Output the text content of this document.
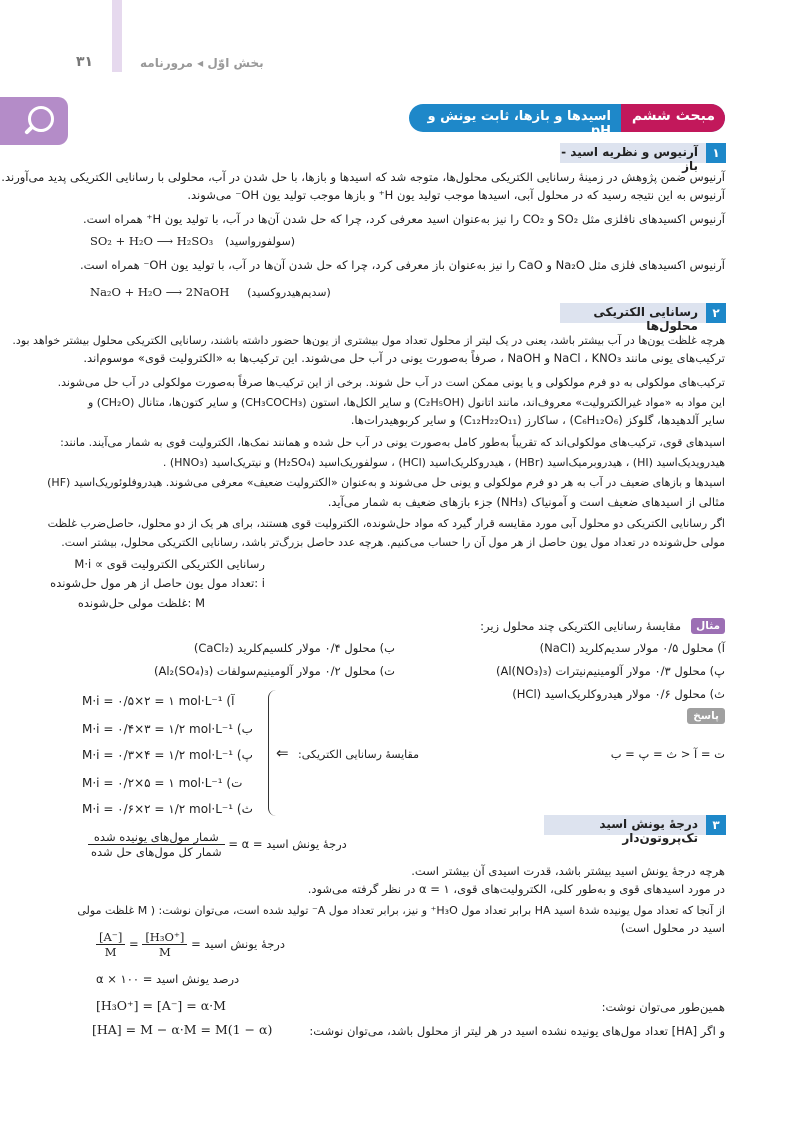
۳۱	بخش اوّل ◂ مرورنامه
مبحث ششم
اسیدها و بازها، ثابت یونش و pH
۱
آرنیوس و نظریه اسید - باز
آرنیوس ضمن پژوهش در زمینهٔ رسانایی الکتریکی محلول‌ها، متوجه شد که اسیدها و بازها، با حل شدن در آب، محلولی با رسانایی الکتریکی پدید می‌آورند.
آرنیوس به این نتیجه رسید که در محلول آبی، اسیدها موجب تولید یون H⁺ و بازها موجب تولید یون OH⁻ می‌شوند.
آرنیوس اکسیدهای نافلزی مثل SO₂ و CO₂ را نیز به‌عنوان اسید معرفی کرد، چرا که حل شدن آن‌ها در آب، با تولید یون H⁺ همراه است.
SO₂ + H₂O ⟶ H₂SO₃ (سولفورو‌اسید)
آرنیوس اکسیدهای فلزی مثل Na₂O و CaO را نیز به‌عنوان باز معرفی کرد، چرا که حل شدن آن‌ها در آب، با تولید یون OH⁻ همراه است.
Na₂O + H₂O ⟶ 2NaOH (سدیم‌هیدروکسید)
۲
رسانایی الکتریکی محلول‌ها
هرچه غلظت یون‌ها در آب بیشتر باشد، یعنی در یک لیتر از محلول تعداد مول بیشتری از یون‌ها حضور داشته باشند، رسانایی الکتریکی محلول بیشتر خواهد بود.
ترکیب‌های یونی مانند NaCl ، KNO₃ و NaOH ، صرفاً به‌صورت یونی در آب حل می‌شوند. این ترکیب‌ها به «الکترولیت قوی» موسوم‌اند.
ترکیب‌های مولکولی به دو فرم مولکولی و یا یونی ممکن است در آب حل شوند. برخی از این ترکیب‌ها صرفاً به‌صورت مولکولی در آب حل می‌شوند.
این مواد به «مواد غیرالکترولیت» معروف‌اند، مانند اتانول (C₂H₅OH) و سایر الکل‌ها، استون (CH₃COCH₃) و سایر کتون‌ها، متانال (CH₂O) و
سایر آلدهیدها، گلوکز (C₆H₁₂O₆) ، ساکارز (C₁₂H₂₂O₁₁) و سایر کربوهیدرات‌ها.
اسیدهای قوی، ترکیب‌های مولکولی‌اند که تقریباً به‌طور کامل به‌صورت یونی در آب حل شده و همانند نمک‌ها، الکترولیت قوی به شمار می‌آیند. مانند:
هیدرویدیک‌اسید (HI) ، هیدروبرمیک‌اسید (HBr) ، هیدروکلریک‌اسید (HCl) ، سولفوریک‌اسید (H₂SO₄) و نیتریک‌اسید (HNO₃) .
اسیدها و بازهای ضعیف در آب به هر دو فرم مولکولی و یونی حل می‌شوند و به‌عنوان «الکترولیت ضعیف» معرفی می‌شوند. هیدروفلوئوریک‌اسید (HF)
مثالی از اسیدهای ضعیف است و آمونیاک (NH₃) جزء بازهای ضعیف به شمار می‌آید.
اگر رسانایی الکتریکی دو محلول آبی مورد مقایسه قرار گیرد که مواد حل‌شونده، الکترولیت قوی هستند، برای هر یک از دو محلول، حاصل‌ضرب غلظت
مولی حل‌شونده در تعداد مول یون حاصل از هر مول آن را حساب می‌کنیم. هرچه عدد حاصل بزرگ‌تر باشد، رسانایی الکتریکی محلول، بیشتر است.
رسانایی الکتریکی الکترولیت قوی ∝ M·i
i :تعداد مول یون حاصل از هر مول حل‌شونده
M :غلظت مولی حل‌شونده
مثال
مقایسهٔ رسانایی الکتریکی چند محلول زیر:
آ) محلول ۰/۵ مولار سدیم‌کلرید (NaCl)
ب) محلول ۰/۴ مولار کلسیم‌کلرید (CaCl₂)
پ) محلول ۰/۳ مولار آلومینیم‌نیترات (Al(NO₃)₃)
ت) محلول ۰/۲ مولار آلومینیم‌سولفات (Al₂(SO₄)₃)
ث) محلول ۰/۶ مولار هیدروکلریک‌اسید (HCl)
پاسخ
M·i = ۰/۵×۲ = ۱ mol·L⁻¹ (آ
M·i = ۰/۴×۳ = ۱/۲ mol·L⁻¹ (ب
M·i = ۰/۳×۴ = ۱/۲ mol·L⁻¹ (پ
M·i = ۰/۲×۵ = ۱ mol·L⁻¹ (ت
M·i = ۰/۶×۲ = ۱/۲ mol·L⁻¹ (ث
⇐ مقایسهٔ رسانایی الکتریکی:	ت = آ < ث = پ = ب
۳
درجهٔ یونش اسید تک‌پروتون‌دار
درجهٔ یونش اسید = α =
$\frac{\text{شمار مول‌های یونیده شده}}{\text{شمار کل مول‌های حل شده}}$
هرچه درجهٔ یونش اسید بیشتر باشد، قدرت اسیدی آن بیشتر است.
در مورد اسیدهای قوی و به‌طور کلی، الکترولیت‌های قوی، α = ۱ در نظر گرفته می‌شود.
از آنجا که تعداد مول یونیده شدهٔ اسید HA برابر تعداد مول H₃O⁺ و نیز، برابر تعداد مول A⁻ تولید شده است، می‌توان نوشت: ( M غلظت مولی
اسید در محلول است)
درجهٔ یونش اسید =
$\frac{\text{[H₃O⁺]}}{M}$
=
$\frac{[A^-]}{M}$
درصد یونش اسید = ۱۰۰ × α
همین‌طور می‌توان نوشت:
[H₃O⁺] = [A⁻] = α·M
و اگر [HA] تعداد مول‌های یونیده نشده اسید در هر لیتر از محلول باشد، می‌توان نوشت:
[HA] = M − α·M = M(1 − α)
